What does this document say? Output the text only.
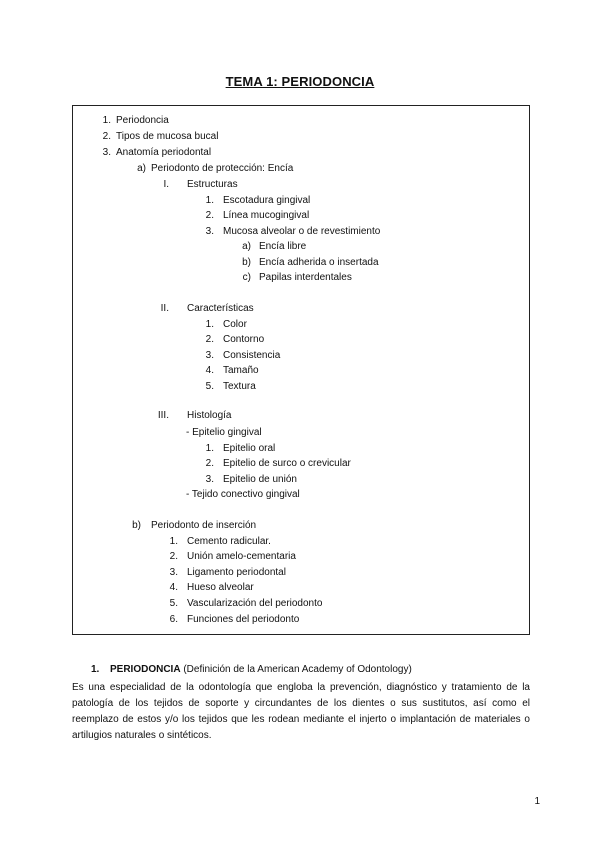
TEMA 1: PERIODONCIA
1. Periodoncia
2. Tipos de mucosa bucal
3. Anatomía periodontal
a) Periodonto de protección: Encía
I. Estructuras
1. Escotadura gingival
2. Línea mucogingival
3. Mucosa alveolar o de revestimiento
a) Encía libre
b) Encía adherida o insertada
c) Papilas interdentales
II. Características
1. Color
2. Contorno
3. Consistencia
4. Tamaño
5. Textura
III. Histología
- Epitelio gingival
1. Epitelio oral
2. Epitelio de surco o crevicular
3. Epitelio de unión
- Tejido conectivo gingival
b) Periodonto de inserción
1. Cemento radicular.
2. Unión amelo-cementaria
3. Ligamento periodontal
4. Hueso alveolar
5. Vascularización del periodonto
6. Funciones del periodonto
1. PERIODONCIA (Definición de la American Academy of Odontology)
Es una especialidad de la odontología que engloba la prevención, diagnóstico y tratamiento de la patología de los tejidos de soporte y circundantes de los dientes o sus sustitutos, así como el reemplazo de estos y/o los tejidos que les rodean mediante el injerto o implantación de materiales o artilugios naturales o sintéticos.
1
